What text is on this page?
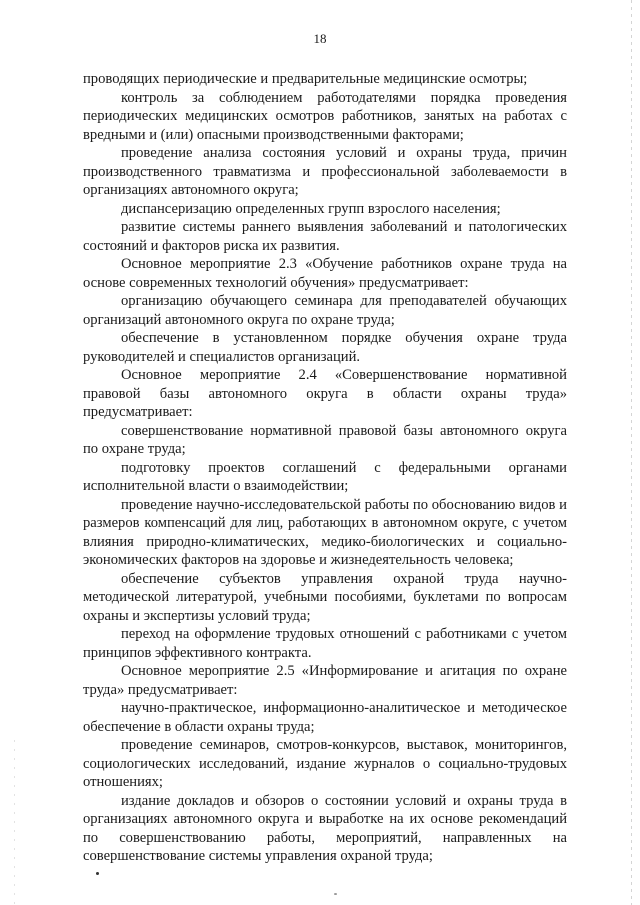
18

проводящих периодические и предварительные медицинские осмотры;

контроль за соблюдением работодателями порядка проведения периодических медицинских осмотров работников, занятых на работах с вредными и (или) опасными производственными факторами;

проведение анализа состояния условий и охраны труда, причин производственного травматизма и профессиональной заболеваемости в организациях автономного округа;

диспансеризацию определенных групп взрослого населения;

развитие системы раннего выявления заболеваний и патологических состояний и факторов риска их развития.

Основное мероприятие 2.3 «Обучение работников охране труда на основе современных технологий обучения» предусматривает:

организацию обучающего семинара для преподавателей обучающих организаций автономного округа по охране труда;

обеспечение в установленном порядке обучения охране труда руководителей и специалистов организаций.

Основное мероприятие 2.4 «Совершенствование нормативной правовой базы автономного округа в области охраны труда» предусматривает:

совершенствование нормативной правовой базы автономного округа по охране труда;

подготовку проектов соглашений с федеральными органами исполнительной власти о взаимодействии;

проведение научно-исследовательской работы по обоснованию видов и размеров компенсаций для лиц, работающих в автономном округе, с учетом влияния природно-климатических, медико-биологических и социально-экономических факторов на здоровье и жизнедеятельность человека;

обеспечение субъектов управления охраной труда научно-методической литературой, учебными пособиями, буклетами по вопросам охраны и экспертизы условий труда;

переход на оформление трудовых отношений с работниками с учетом принципов эффективного контракта.

Основное мероприятие 2.5 «Информирование и агитация по охране труда» предусматривает:

научно-практическое, информационно-аналитическое и методическое обеспечение в области охраны труда;

проведение семинаров, смотров-конкурсов, выставок, мониторингов, социологических исследований, издание журналов о социально-трудовых отношениях;

издание докладов и обзоров о состоянии условий и охраны труда в организациях автономного округа и выработке на их основе рекомендаций по совершенствованию работы, мероприятий, направленных на совершенствование системы управления охраной труда;
